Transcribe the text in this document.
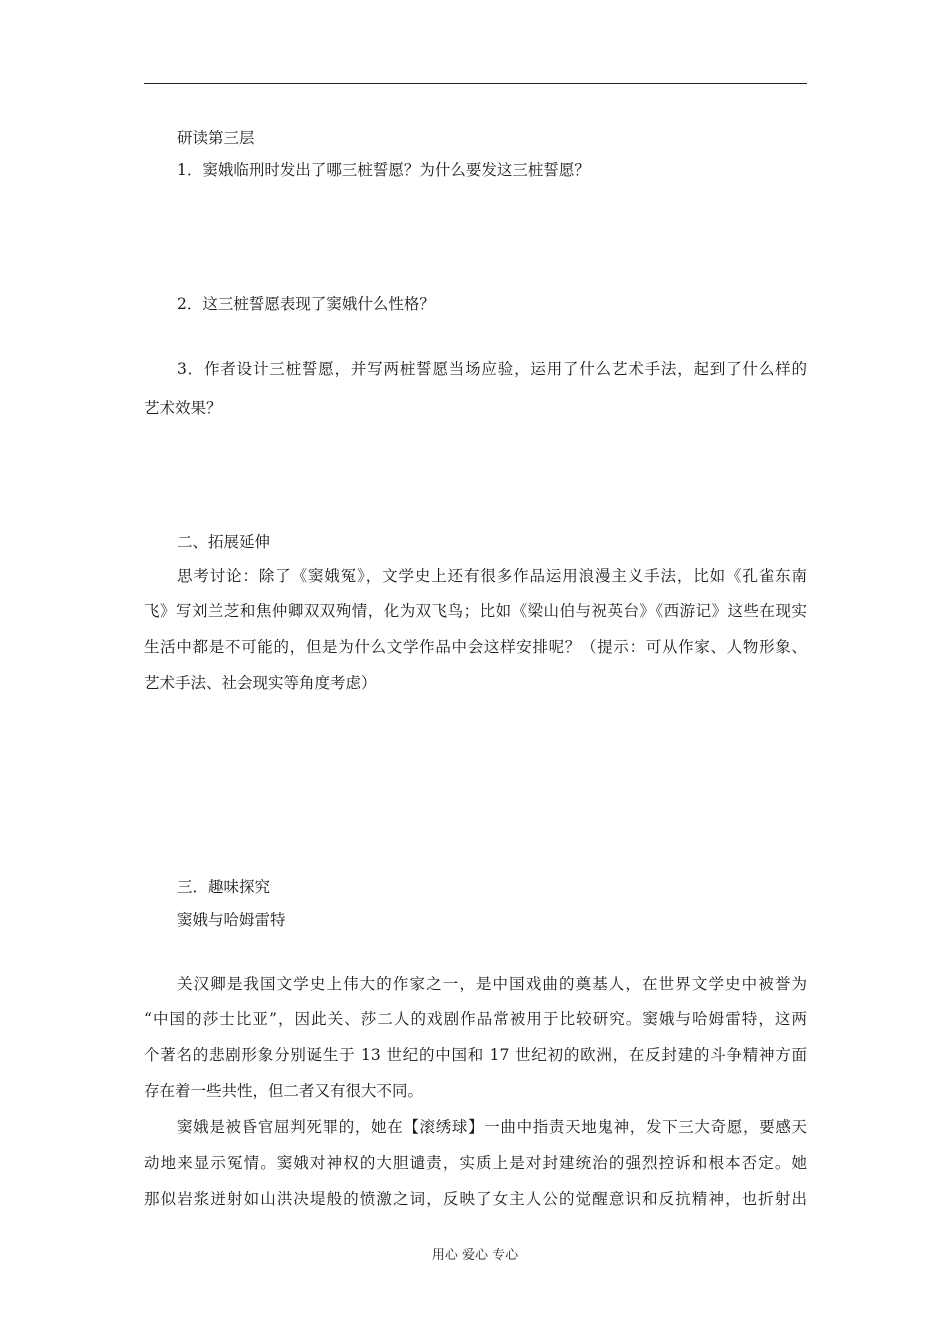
研读第三层
1．窦娥临刑时发出了哪三桩誓愿？为什么要发这三桩誓愿？
2．这三桩誓愿表现了窦娥什么性格？
3．作者设计三桩誓愿，并写两桩誓愿当场应验，运用了什么艺术手法，起到了什么样的
艺术效果？
二、拓展延伸
思考讨论：除了《窦娥冤》，文学史上还有很多作品运用浪漫主义手法，比如《孔雀东南
飞》写刘兰芝和焦仲卿双双殉情，化为双飞鸟；比如《梁山伯与祝英台》《西游记》这些在现实
生活中都是不可能的，但是为什么文学作品中会这样安排呢？（提示：可从作家、人物形象、
艺术手法、社会现实等角度考虑）
三．趣味探究
窦娥与哈姆雷特
关汉卿是我国文学史上伟大的作家之一，是中国戏曲的奠基人，在世界文学史中被誉为
“中国的莎士比亚”，因此关、莎二人的戏剧作品常被用于比较研究。窦娥与哈姆雷特，这两
个著名的悲剧形象分别诞生于 13 世纪的中国和 17 世纪初的欧洲，在反封建的斗争精神方面
存在着一些共性，但二者又有很大不同。
窦娥是被昏官屈判死罪的，她在【滚绣球】一曲中指责天地鬼神，发下三大奇愿，要感天
动地来显示冤情。窦娥对神权的大胆谴责，实质上是对封建统治的强烈控诉和根本否定。她
那似岩浆迸射如山洪决堤般的愤激之词，反映了女主人公的觉醒意识和反抗精神，也折射出
用心 爱心 专心
